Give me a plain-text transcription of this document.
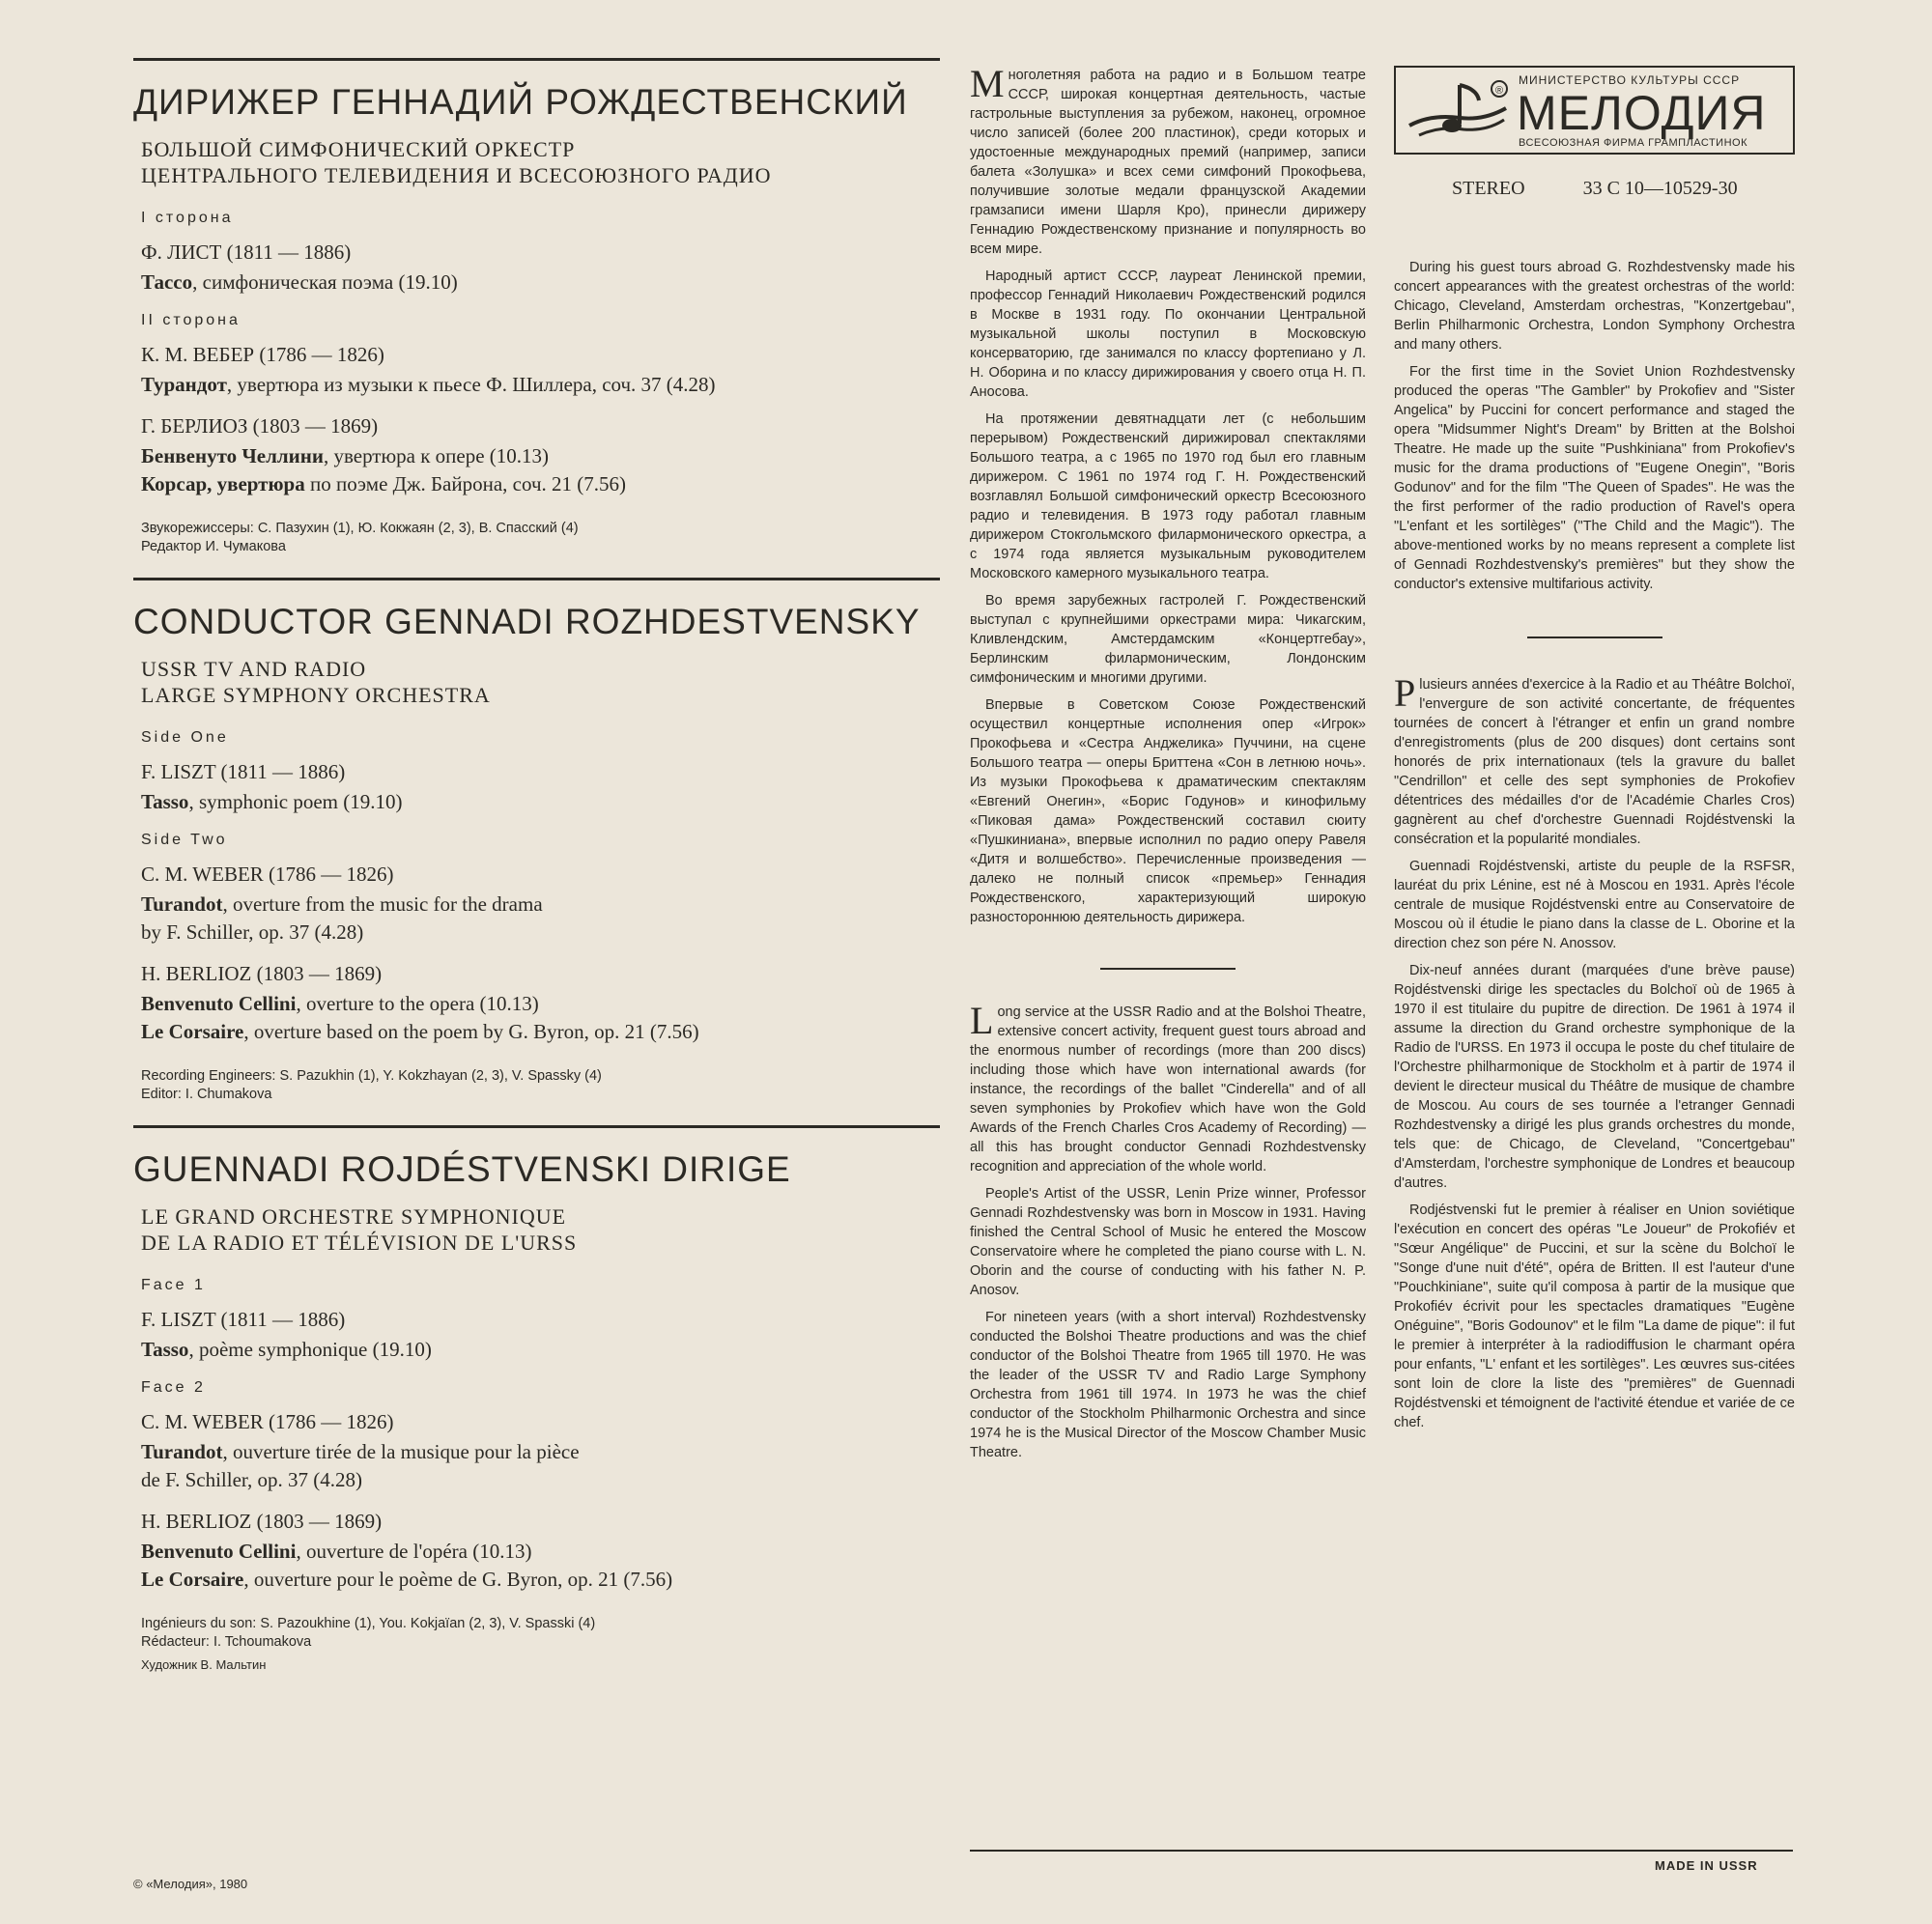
ДИРИЖЕР ГЕННАДИЙ РОЖДЕСТВЕНСКИЙ
БОЛЬШОЙ СИМФОНИЧЕСКИЙ ОРКЕСТР
ЦЕНТРАЛЬНОГО ТЕЛЕВИДЕНИЯ И ВСЕСОЮЗНОГО РАДИО
I сторона
Ф. ЛИСТ (1811 — 1886)
Тассо, симфоническая поэма (19.10)
II сторона
К. М. ВЕБЕР (1786 — 1826)
Турандот, увертюра из музыки к пьесе Ф. Шиллера, соч. 37 (4.28)
Г. БЕРЛИОЗ (1803 — 1869)
Бенвенуто Челлини, увертюра к опере (10.13)
Корсар, увертюра по поэме Дж. Байрона, соч. 21 (7.56)
Звукорежиссеры: С. Пазухин (1), Ю. Кокжаян (2, 3), В. Спасский (4)
Редактор И. Чумакова
CONDUCTOR GENNADI ROZHDESTVENSKY
USSR TV AND RADIO
LARGE SYMPHONY ORCHESTRA
Side One
F. LISZT (1811 — 1886)
Tasso, symphonic poem (19.10)
Side Two
C. M. WEBER (1786 — 1826)
Turandot, overture from the music for the drama
by F. Schiller, op. 37 (4.28)
H. BERLIOZ (1803 — 1869)
Benvenuto Cellini, overture to the opera (10.13)
Le Corsaire, overture based on the poem by G. Byron, op. 21 (7.56)
Recording Engineers: S. Pazukhin (1), Y. Kokzhayan (2, 3), V. Spassky (4)
Editor: I. Chumakova
GUENNADI ROJDÉSTVENSKI DIRIGE
LE GRAND ORCHESTRE SYMPHONIQUE
DE LA RADIO ET TÉLÉVISION DE L'URSS
Face 1
F. LISZT (1811 — 1886)
Tasso, poème symphonique (19.10)
Face 2
C. M. WEBER (1786 — 1826)
Turandot, ouverture tirée de la musique pour la pièce
de F. Schiller, op. 37 (4.28)
H. BERLIOZ (1803 — 1869)
Benvenuto Cellini, ouverture de l'opéra (10.13)
Le Corsaire, ouverture pour le poème de G. Byron, op. 21 (7.56)
Ingénieurs du son: S. Pazoukhine (1), You. Kokjaïan (2, 3), V. Spasski (4)
Rédacteur: I. Tchoumakova
Художник В. Мальтин
© «Мелодия», 1980
Многолетняя работа на радио и в Большом театре СССР, широкая концертная деятельность, частые гастрольные выступления за рубежом, наконец, огромное число записей (более 200 пластинок), среди которых и удостоенные международных премий (например, записи балета «Золушка» и всех семи симфоний Прокофьева, получившие золотые медали французской Академии грамзаписи имени Шарля Кро), принесли дирижеру Геннадию Рождественскому признание и популярность во всем мире.
Народный артист СССР, лауреат Ленинской премии, профессор Геннадий Николаевич Рождественский родился в Москве в 1931 году. По окончании Центральной музыкальной школы поступил в Московскую консерваторию, где занимался по классу фортепиано у Л. Н. Оборина и по классу дирижирования у своего отца Н. П. Аносова.
На протяжении девятнадцати лет (с небольшим перерывом) Рождественский дирижировал спектаклями Большого театра, а с 1965 по 1970 год был его главным дирижером. С 1961 по 1974 год Г. Н. Рождественский возглавлял Большой симфонический оркестр Всесоюзного радио и телевидения. В 1973 году работал главным дирижером Стокгольмского филармонического оркестра, а с 1974 года является музыкальным руководителем Московского камерного музыкального театра.
Во время зарубежных гастролей Г. Рождественский выступал с крупнейшими оркестрами мира: Чикагским, Кливлендским, Амстердамским «Концертгебау», Берлинским филармоническим, Лондонским симфоническим и многими другими.
Впервые в Советском Союзе Рождественский осуществил концертные исполнения опер «Игрок» Прокофьева и «Сестра Анджелика» Пуччини, на сцене Большого театра — оперы Бриттена «Сон в летнюю ночь». Из музыки Прокофьева к драматическим спектаклям «Евгений Онегин», «Борис Годунов» и кинофильму «Пиковая дама» Рождественский составил сюиту «Пушкиниана», впервые исполнил по радио оперу Равеля «Дитя и волшебство». Перечисленные произведения — далеко не полный список «премьер» Геннадия Рождественского, характеризующий широкую разностороннюю деятельность дирижера.
Long service at the USSR Radio and at the Bolshoi Theatre, extensive concert activity, frequent guest tours abroad and the enormous number of recordings (more than 200 discs) including those which have won international awards (for instance, the recordings of the ballet "Cinderella" and of all seven symphonies by Prokofiev which have won the Gold Awards of the French Charles Cros Academy of Recording) — all this has brought conductor Gennadi Rozhdestvensky recognition and appreciation of the whole world.
People's Artist of the USSR, Lenin Prize winner, Professor Gennadi Rozhdestvensky was born in Moscow in 1931. Having finished the Central School of Music he entered the Moscow Conservatoire where he completed the piano course with L. N. Oborin and the course of conducting with his father N. P. Anosov.
For nineteen years (with a short interval) Rozhdestvensky conducted the Bolshoi Theatre productions and was the chief conductor of the Bolshoi Theatre from 1965 till 1970. He was the leader of the USSR TV and Radio Large Symphony Orchestra from 1961 till 1974. In 1973 he was the chief conductor of the Stockholm Philharmonic Orchestra and since 1974 he is the Musical Director of the Moscow Chamber Music Theatre.
®
МИНИСТЕРСТВО КУЛЬТУРЫ СССР
МЕЛОДИЯ
ВСЕСОЮЗНАЯ ФИРМА ГРАМПЛАСТИНОК
STEREO	33 С 10—10529-30
During his guest tours abroad G. Rozhdestvensky made his concert appearances with the greatest orchestras of the world: Chicago, Cleveland, Amsterdam orchestras, "Konzertgebau", Berlin Philharmonic Orchestra, London Symphony Orchestra and many others.
For the first time in the Soviet Union Rozhdestvensky produced the operas "The Gambler" by Prokofiev and "Sister Angelica" by Puccini for concert performance and staged the opera "Midsummer Night's Dream" by Britten at the Bolshoi Theatre. He made up the suite "Pushkiniana" from Prokofiev's music for the drama productions of "Eugene Onegin", "Boris Godunov" and for the film "The Queen of Spades". He was the the first performer of the radio production of Ravel's opera "L'enfant et les sortilèges" ("The Child and the Magic"). The above-mentioned works by no means represent a complete list of Gennadi Rozhdestvensky's premières" but they show the conductor's extensive multifarious activity.
Plusieurs années d'exercice à la Radio et au Théâtre Bolchoï, l'envergure de son activité concertante, de fréquentes tournées de concert à l'étranger et enfin un grand nombre d'enregistroments (plus de 200 disques) dont certains sont honorés de prix internationaux (tels la gravure du ballet "Cendrillon" et celle des sept symphonies de Prokofiev détentrices des médailles d'or de l'Académie Charles Cros) gagnèrent au chef d'orchestre Guennadi Rojdéstvenski la consécration et la popularité mondiales.
Guennadi Rojdéstvenski, artiste du peuple de la RSFSR, lauréat du prix Lénine, est né à Moscou en 1931. Après l'école centrale de musique Rojdéstvenski entre au Conservatoire de Moscou où il étudie le piano dans la classe de L. Oborine et la direction chez son pére N. Anossov.
Dix-neuf années durant (marquées d'une brève pause) Rojdéstvenski dirige les spectacles du Bolchoï où de 1965 à 1970 il est titulaire du pupitre de direction. De 1961 à 1974 il assume la direction du Grand orchestre symphonique de la Radio de l'URSS. En 1973 il occupa le poste du chef titulaire de l'Orchestre philharmonique de Stockholm et à partir de 1974 il devient le directeur musical du Théâtre de musique de chambre de Moscou. Au cours de ses tournée a l'etranger Gennadi Rozhdestvensky a dirigé les plus grands orchestres du monde, tels que: de Chicago, de Cleveland, "Concertgebau" d'Amsterdam, l'orchestre symphonique de Londres et beaucoup d'autres.
Rodjéstvenski fut le premier à réaliser en Union soviétique l'exécution en concert des opéras "Le Joueur" de Prokofiév et "Sœur Angélique" de Puccini, et sur la scène du Bolchoï le "Songe d'une nuit d'été", opéra de Britten. Il est l'auteur d'une "Pouchkiniane", suite qu'il composa à partir de la musique que Prokofiév écrivit pour les spectacles dramatiques "Eugène Onéguine", "Boris Godounov" et le film "La dame de pique": il fut le premier à interpréter à la radiodiffusion le charmant opéra pour enfants, "L' enfant et les sortilèges". Les œuvres sus-citées sont loin de clore la liste des "premières" de Guennadi Rojdéstvenski et témoignent de l'activité étendue et variée de ce chef.
MADE IN USSR
